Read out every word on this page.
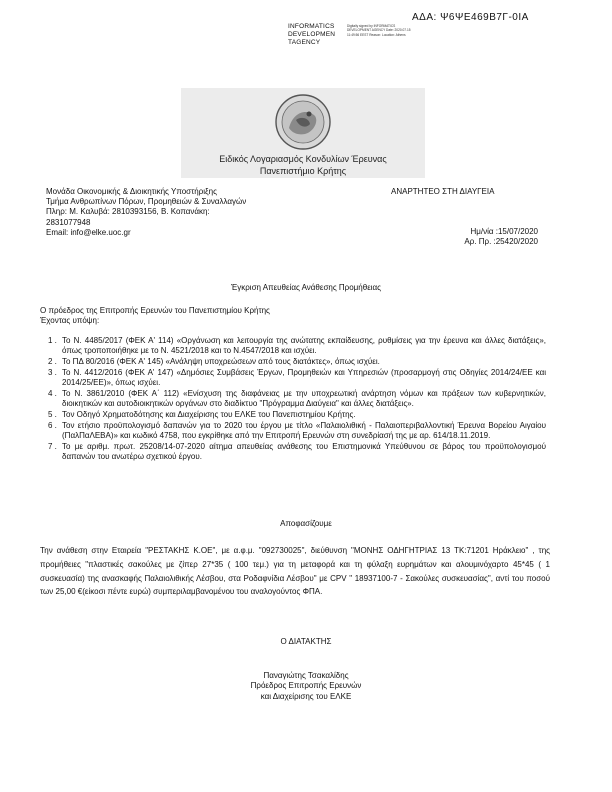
ΑΔΑ: Ψ6ΨΕ469Β7Γ-0ΙΑ
INFORMATICS DEVELOPMEN TAGENCY
Digitally signed by INFORMATICS DEVELOPMENT AGENCY Date: 2020.07.15 11:49:56 EEST Reason: Location: Athens
Ειδικός Λογαριασμός Κονδυλίων Έρευνας
Πανεπιστήμιο Κρήτης
Μονάδα Οικονομικής & Διοικητικής Υποστήριξης
Τμήμα Ανθρωπίνων Πόρων, Προμηθειών & Συναλλαγών
Πληρ: Μ. Καλυβά: 2810393156, Β. Κοπανάκη:
2831077948
Email: info@elke.uoc.gr
ΑΝΑΡΤΗΤΕΟ ΣΤΗ ΔΙΑΥΓΕΙΑ
Ημ/νία :15/07/2020
Αρ. Πρ. :25420/2020
Έγκριση Απευθείας Ανάθεσης Προμήθειας
Ο πρόεδρος της Επιτροπής Ερευνών του Πανεπιστημίου Κρήτης
Έχοντας υπόψη:
1 . Το Ν. 4485/2017 (ΦΕΚ Α' 114) «Οργάνωση και λειτουργία της ανώτατης εκπαίδευσης, ρυθμίσεις για την έρευνα και άλλες διατάξεις», όπως τροποποιήθηκε με το Ν. 4521/2018 και το Ν.4547/2018 και ισχύει.
2 . Το ΠΔ 80/2016 (ΦΕΚ Α' 145) «Ανάληψη υποχρεώσεων από τους διατάκτες», όπως ισχύει.
3 . Το Ν. 4412/2016 (ΦΕΚ Α' 147) «Δημόσιες Συμβάσεις Έργων, Προμηθειών και Υπηρεσιών (προσαρμογή στις Οδηγίες 2014/24/ΕΕ και 2014/25/ΕΕ)», όπως ισχύει.
4 . Το Ν. 3861/2010 (ΦΕΚ Α΄ 112) «Ενίσχυση της διαφάνειας με την υποχρεωτική ανάρτηση νόμων και πράξεων των κυβερνητικών, διοικητικών και αυτοδιοικητικών οργάνων στο διαδίκτυο "Πρόγραμμα Διαύγεια" και άλλες διατάξεις».
5 . Τον Οδηγό Χρηματοδότησης και Διαχείρισης του ΕΛΚΕ του Πανεπιστημίου Κρήτης.
6 . Τον ετήσιο προϋπολογισμό δαπανών για το 2020 του έργου με τίτλο «Παλαιολιθική - Παλαιοπεριβαλλοντική Έρευνα Βορείου Αιγαίου (ΠαλΠαΛΕΒΑ)» και κωδικό 4758, που εγκρίθηκε από την Επιτροπή Ερευνών στη συνεδρίασή της με αρ. 614/18.11.2019.
7 . Το με αριθμ. πρωτ. 25208/14-07-2020 αίτημα απευθείας ανάθεσης του Επιστημονικά Υπεύθυνου σε βάρος του προϋπολογισμού δαπανών του ανωτέρω σχετικού έργου.
Αποφασίζουμε
Την ανάθεση στην Εταιρεία "ΡΕΣΤΑΚΗΣ Κ.ΟΕ", με α.φ.μ. "092730025", διεύθυνση "ΜΟΝΗΣ ΟΔΗΓΗΤΡΙΑΣ 13 ΤΚ:71201 Ηράκλειο" , της προμήθειες "πλαστικές σακούλες με ζίπερ 27*35 ( 100 τεμ.) για τη μεταφορά και τη φύλαξη ευρημάτων και αλουμινόχαρτο 45*45 ( 1 συσκευασία) της ανασκαφής Παλαιολιθικής Λέσβου, στα Ροδαφνίδια Λέσβου" με CPV " 18937100-7 - Σακούλες συσκευασίας", αντί του ποσού των 25,00 €(είκοσι πέντε ευρώ) συμπεριλαμβανομένου του αναλογούντος ΦΠΑ.
Ο ΔΙΑΤΑΚΤΗΣ
Παναγιώτης Τσακαλίδης
Πρόεδρος Επιτροπής Ερευνών
και Διαχείρισης του ΕΛΚΕ
